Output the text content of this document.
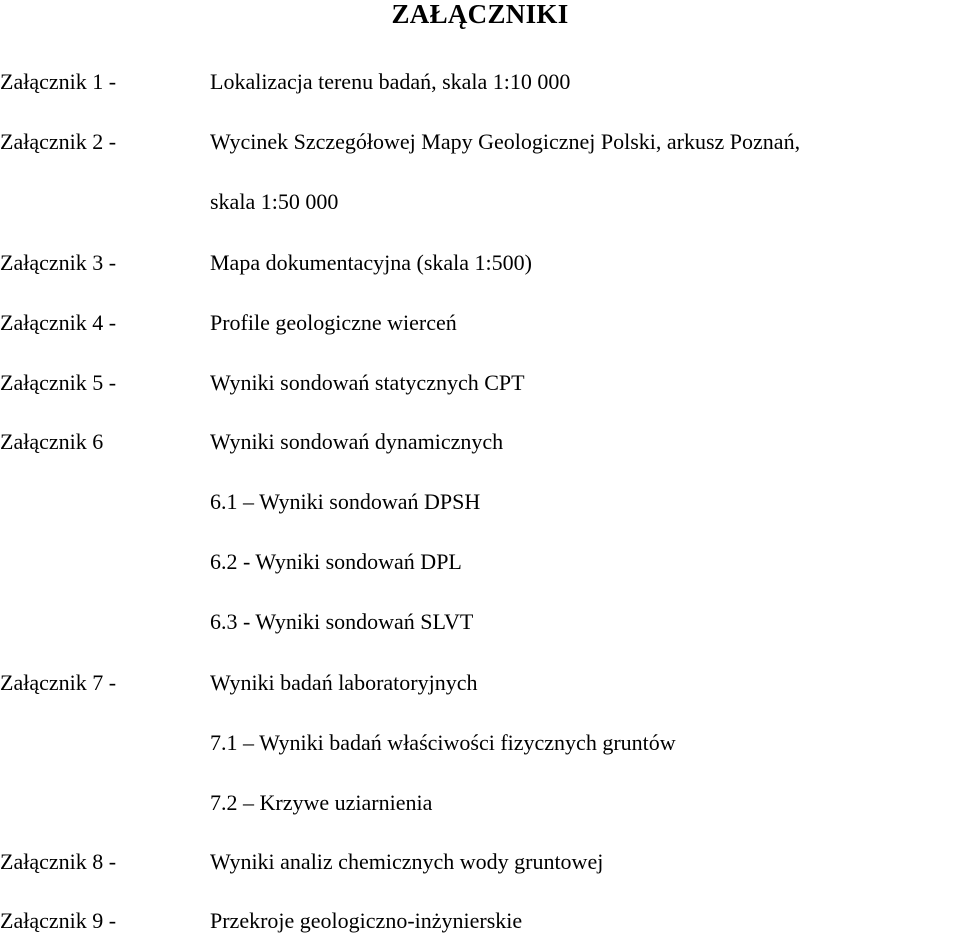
ZAŁĄCZNIKI
Załącznik 1 -	Lokalizacja terenu badań, skala 1:10 000
Załącznik 2 -	Wycinek Szczegółowej Mapy Geologicznej Polski, arkusz Poznań,
skala 1:50 000
Załącznik 3 -	Mapa dokumentacyjna (skala 1:500)
Załącznik 4 -	Profile geologiczne wierceń
Załącznik 5 -	Wyniki sondowań statycznych CPT
Załącznik 6	Wyniki sondowań dynamicznych
6.1 – Wyniki sondowań DPSH
6.2 - Wyniki sondowań DPL
6.3 - Wyniki sondowań SLVT
Załącznik 7 -	Wyniki badań laboratoryjnych
7.1 – Wyniki badań właściwości fizycznych gruntów
7.2 – Krzywe uziarnienia
Załącznik 8 -	Wyniki analiz chemicznych wody gruntowej
Załącznik 9 -	Przekroje geologiczno-inżynierskie
